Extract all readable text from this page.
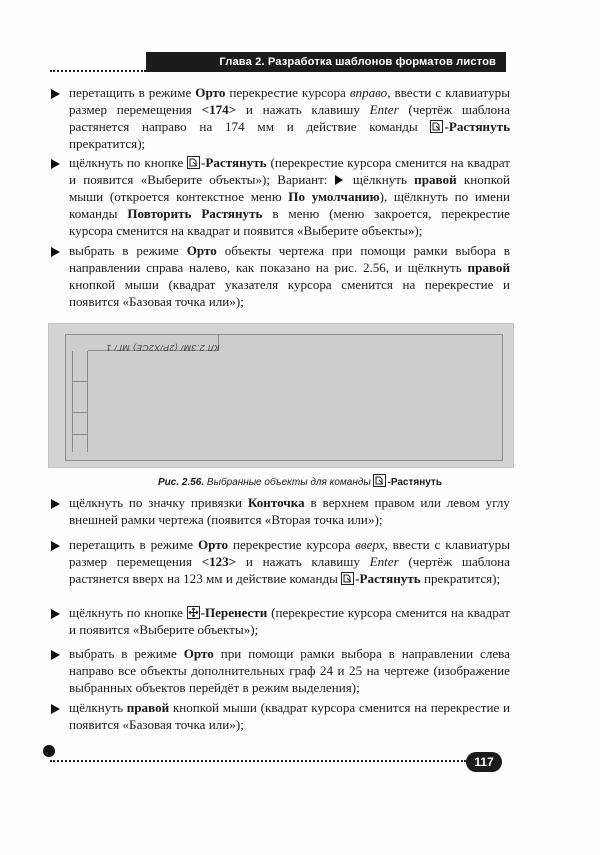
Глава 2. Разработка шаблонов форматов листов
перетащить в режиме Орто перекрестие курсора вправо, ввести с клавиатуры размер перемещения <174> и нажать клавишу Enter (чертёж шаблона растянется направо на 174 мм и действие команды
-Растянуть прекратится);
щёлкнуть по кнопке
-Растянуть (перекрестие курсора сменится на квадрат и появится «Выберите объекты»); Вариант:  щёлкнуть правой кнопкой мыши (откроется контекстное меню По умолчанию), щёлкнуть по имени команды Повторить Растянуть в меню (меню закроется, перекрестие курсора сменится на квадрат и появится «Выберите объекты»);
выбрать в режиме Орто объекты чертежа при помощи рамки выбора в направлении справа налево, как показано на рис. 2.56, и щёлкнуть правой кнопкой мыши (квадрат указателя курсора сменится на перекрестие и появится «Базовая точка или»);
КЛ 2.ЗМ/ (2Р/Х2СЕ) МГ/ 1
Рис. 2.56. Выбранные объекты для команды
-Растянуть
щёлкнуть по значку привязки Конточка в верхнем правом или левом углу внешней рамки чертежа (появится «Вторая точка или»);
перетащить в режиме Орто перекрестие курсора вверх, ввести с клавиатуры размер перемещения <123> и нажать клавишу Enter (чертёж шаблона растянется вверх на 123 мм и действие команды
-Растянуть прекратится);
щёлкнуть по кнопке
-Перенести (перекрестие курсора сменится на квадрат и появится «Выберите объекты»);
выбрать в режиме Орто при помощи рамки выбора в направлении слева направо все объекты дополнительных граф 24 и 25 на чертеже (изображение выбранных объектов перейдёт в режим выделения);
щёлкнуть правой кнопкой мыши (квадрат курсора сменится на перекрестие и появится «Базовая точка или»);
117
